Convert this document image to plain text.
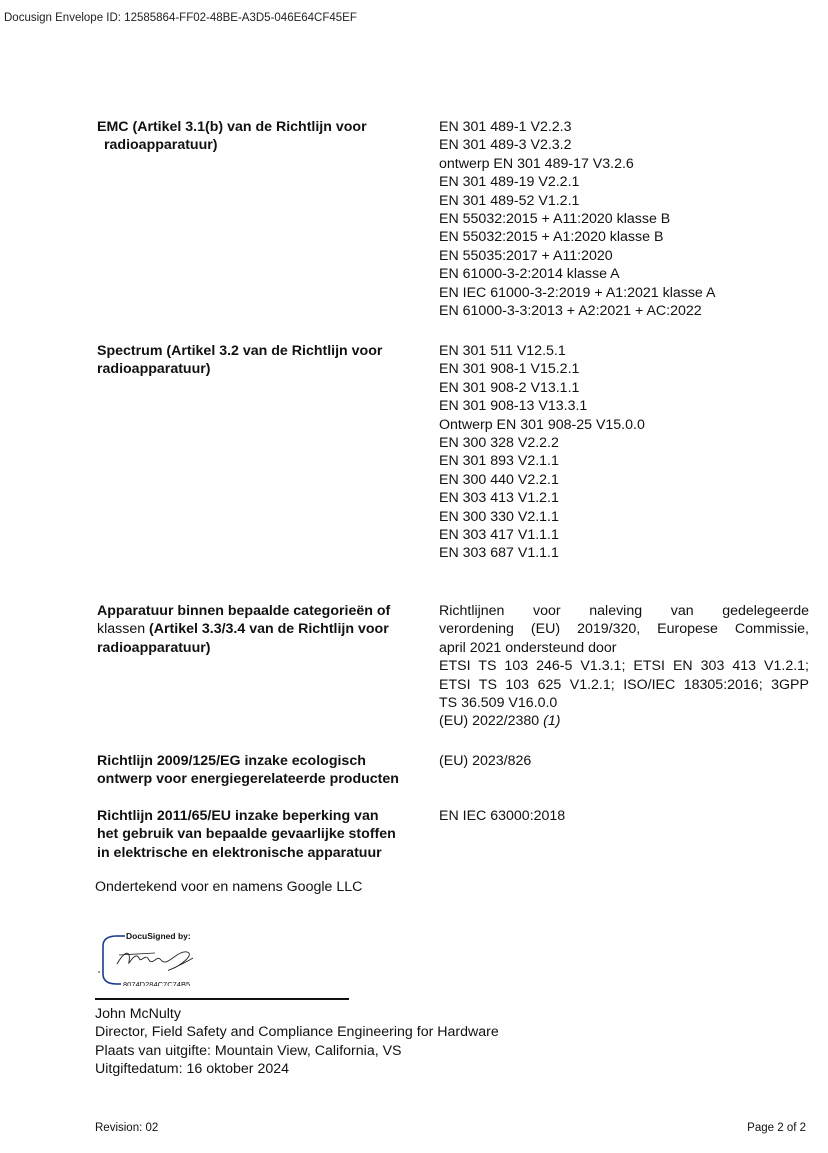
Docusign Envelope ID: 12585864-FF02-48BE-A3D5-046E64CF45EF
EMC (Artikel 3.1(b) van de Richtlijn voor
radioapparatuur)
EN 301 489-1 V2.2.3
EN 301 489-3 V2.3.2
ontwerp EN 301 489-17 V3.2.6
EN 301 489-19 V2.2.1
EN 301 489-52 V1.2.1
EN 55032:2015 + A11:2020 klasse B
EN 55032:2015 + A1:2020 klasse B
EN 55035:2017 + A11:2020
EN 61000-3-2:2014 klasse A
EN IEC 61000-3-2:2019 + A1:2021 klasse A
EN 61000-3-3:2013 + A2:2021 + AC:2022
Spectrum (Artikel 3.2 van de Richtlijn voor
radioapparatuur)
EN 301 511 V12.5.1
EN 301 908-1 V15.2.1
EN 301 908-2 V13.1.1
EN 301 908-13 V13.3.1
Ontwerp EN 301 908-25 V15.0.0
EN 300 328 V2.2.2
EN 301 893 V2.1.1
EN 300 440 V2.2.1
EN 303 413 V1.2.1
EN 300 330 V2.1.1
EN 303 417 V1.1.1
EN 303 687 V1.1.1
Apparatuur binnen bepaalde categorieën of
klassen (Artikel 3.3/3.4 van de Richtlijn voor
radioapparatuur)
Richtlijnen voor naleving van gedelegeerde
verordening (EU) 2019/320, Europese Commissie,
april 2021 ondersteund door
ETSI TS 103 246-5 V1.3.1; ETSI EN 303 413 V1.2.1;
ETSI TS 103 625 V1.2.1; ISO/IEC 18305:2016; 3GPP
TS 36.509 V16.0.0
(EU) 2022/2380 (1)
Richtlijn 2009/125/EG inzake ecologisch
ontwerp voor energiegerelateerde producten
(EU) 2023/826
Richtlijn 2011/65/EU inzake beperking van
het gebruik van bepaalde gevaarlijke stoffen
in elektrische en elektronische apparatuur
EN IEC 63000:2018
Ondertekend voor en namens Google LLC
DocuSigned by:
8074D284C7C74B5...
John McNulty
Director, Field Safety and Compliance Engineering for Hardware
Plaats van uitgifte: Mountain View, California, VS
Uitgiftedatum: 16 oktober 2024
Revision: 02	Page 2 of 2
